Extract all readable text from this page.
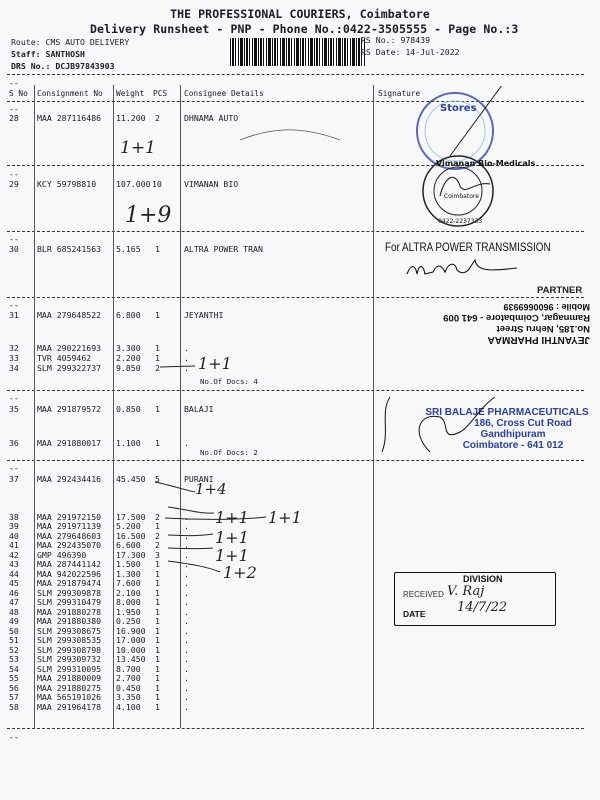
THE PROFESSIONAL COURIERS, Coimbatore
Delivery Runsheet - PNP - Phone No.:0422-3505555 - Page No.:3
Route: CMS AUTO DELIVERY
Staff: SANTHOSH
DRS No.: DCJB97843903
RS No.: 978439
RS Date: 14-Jul-2022
--
--
--
--
--
--
--
--
S No Consignment No Weight PCS Consignee Details	Signature
28 MAA 287116486 11.200 2	DHNAMA AUTO
29 KCY 59798810 107.000 10	VIMANAN BIO
30 BLR 685241563 5.165 1	ALTRA POWER TRAN
31 MAA 279648522 6.800 1	JEYANTHI
32 MAA 290221693 3.300 1	.
33 TVR 4059462	2.200 1	.
34 SLM 299322737 9.850 2	.
35 MAA 291879572 0.850 1	BALAJI
36 MAA 291880017 1.100 1	.
37 MAA 292434416 45.450 5	PURANI
38 MAA 291972150 17.500 2	.
39 MAA 291971139 5.200 1	.
40 MAA 279648603 16.500 2	.
41 MAA 292435070 6.600 2	.
42 GMP 496390	17.300 3	.
43 MAA 287441142 1.500 1	.
44 MAA 942022596 1.300 1	.
45 MAA 291879474 7.600 1	.
46 SLM 299309878 2.100 1	.
47 SLM 299310479 8.000 1	.
48 MAA 291880278 1.950 1	.
49 MAA 291880380 0.250 1	.
50 SLM 299308675 16.900 1	.
51 SLM 299308535 17.000 1	.
52 SLM 299308798 10.000 1	.
53 SLM 299309732 13.450 1	.
54 SLM 299310095 8.700 1	.
55 MAA 291880009 2.700 1	.
56 MAA 291880275 0.450 1	.
57 MAA 565191026 3.350 1	.
58 MAA 291964178 4.100 1	.
No.Of Docs: 4
No.Of Docs: 2
1+1
1+9
1+1
1+4
1+1 1+1
1+1
1+1
1+2
Stores
Vimanan Bio-Medicals
Coimbatore
0422-2237333
For ALTRA POWER TRANSMISSION
PARTNER
JEYANTHI PHARMAA
No.185, Nehru Street
Ramnagar, Coimbatore - 641 009
Mobile : 9600669939
SRI BALAJE PHARMACEUTICALS
186, Cross Cut Road
Gandhipuram
Coimbatore - 641 012
DIVISION
RECEIVED V. Raj
DATE 14/7/22
